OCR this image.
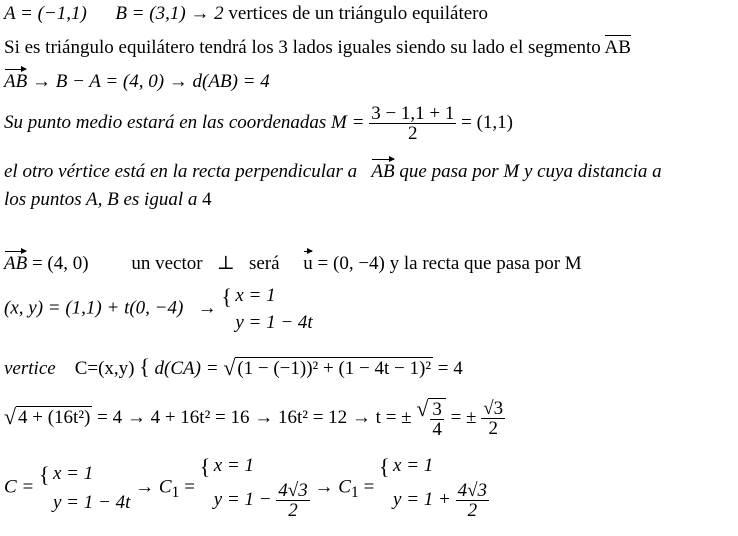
A = (−1,1) B = (3,1) → 2 vertices de un triángulo equilátero
Si es triángulo equilátero tendrá los 3 lados iguales siendo su lado el segmento AB
AB → B − A = (4, 0) → d(AB) = 4
Su punto medio estará en las coordenadas $M = \frac{3 - 1,1 + 1}{2} = (1,1)$
el otro vértice está en la recta perpendicular a AB que pasa por M y cuya distancia a
los puntos A, B es igual a 4
AB = (4, 0) un vector ⊥ será u = (0, −4) y la recta que pasa por M
(x, y) = (1,1) + t(0, −4) → { x = 1
y = 1 − 4t
vertice C=(x,y) { d(CA) = √ (1 − (−1))² + (1 − 4t − 1)² = 4
√ 4 + (16t²) = 4 → 4 + 16t² = 16 → 16t² = 12 → t = ± √ $\frac{3}{4}$ = ± $\frac{√3}{2}$
C = { x = 1
y = 1 − 4t
→ $C_1$ =
{ x = 1
$y = 1 - \frac{4√3}{2} \to C_1$ =
{ x = 1
$y = 1 + \frac{4√3}{2}$
